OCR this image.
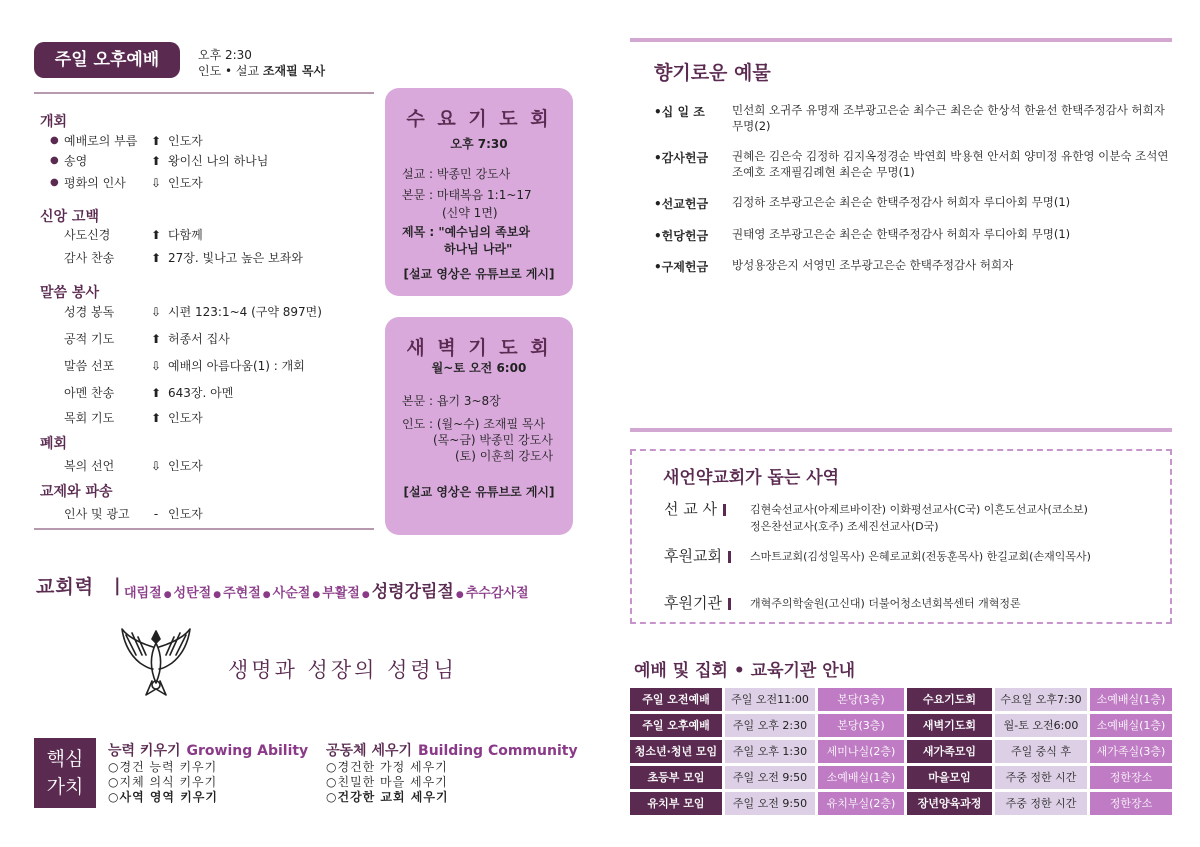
주일 오후예배	오후 2:30
인도 • 설교 조재필 목사
개회
● 예배로의 부름 ⬆ 인도자
● 송영	⬆ 왕이신 나의 하나님
● 평화의 인사 ⇩ 인도자
신앙 고백
사도신경	⬆ 다함께
감사 찬송	⬆ 27장. 빛나고 높은 보좌와
말씀 봉사
성경 봉독	⇩ 시편 123:1~4 (구약 897면)
공적 기도	⬆ 허종서 집사
말씀 선포	⇩ 예배의 아름다움(1) : 개회
아멘 찬송	⬆ 643장. 아멘
목회 기도	⬆ 인도자
폐회
복의 선언	⇩ 인도자
교제와 파송
인사 및 광고	- 인도자
수 요 기 도 회
오후 7:30
설교 : 박종민 강도사
본문 : 마태복음 1:1~17
(신약 1면)
제목 : "예수님의 족보와
하나님 나라"
[설교 영상은 유튜브로 게시]
새 벽 기 도 회
월~토 오전 6:00
본문 : 욥기 3~8장
인도 : (월~수) 조재필 목사
(목~금) 박종민 강도사
(토) 이훈희 강도사
[설교 영상은 유튜브로 게시]
교회력 | 대림절 ● 성탄절 ● 주현절 ● 사순절 ● 부활절 ● 성령강림절 ● 추수감사절
생명과 성장의 성령님
핵심
가치
능력 키우기 Growing Ability
○경건 능력 키우기
○지체 의식 키우기
○사역 영역 키우기
공동체 세우기 Building Community
○경건한 가정 세우기
○친밀한 마을 세우기
○건강한 교회 세우기
향기로운 예물
•십 일 조 민선희 오귀주 유명재 조부광고은순 최수근 최은순 한상석 한윤선 한택주정감사 허희자 무명(2)
•감사헌금 권혜은 김은숙 김정하 김지옥정경순 박연희 박용현 안서희 양미정 유한영 이분숙 조석연 조예호 조재필김례현 최은순 무명(1)
•선교헌금 김정하 조부광고은순 최은순 한택주정감사 허희자 루디아회 무명(1)
•헌당헌금 권태영 조부광고은순 최은순 한택주정감사 허희자 루디아회 무명(1)
•구제헌금 방성용장은지 서영민 조부광고은순 한택주정감사 허희자
새언약교회가 돕는 사역
선 교 사	김현숙선교사(아제르바이잔) 이화평선교사(C국) 이흔도선교사(코소보)
정은찬선교사(호주) 조세진선교사(D국)
후원교회	스마트교회(김성일목사) 은혜로교회(전동훈목사) 한길교회(손재익목사)
후원기관	개혁주의학술원(고신대) 더불어청소년회복센터 개혁정론
예배 및 집회 • 교육기관 안내
주일 오전예배	주일 오전11:00	본당(3층)	수요기도회	수요일 오후7:30	소예배실(1층)
주일 오후예배	주일 오후 2:30	본당(3층)	새벽기도회	월-토 오전6:00	소예배실(1층)
청소년·청년 모임	주일 오후 1:30	세미나실(2층)	새가족모임	주일 중식 후	새가족실(3층)
초등부 모임	주일 오전 9:50	소예배실(1층)	마을모임	주중 정한 시간	정한장소
유치부 모임	주일 오전 9:50	유치부실(2층)	장년양육과정	주중 정한 시간	정한장소
